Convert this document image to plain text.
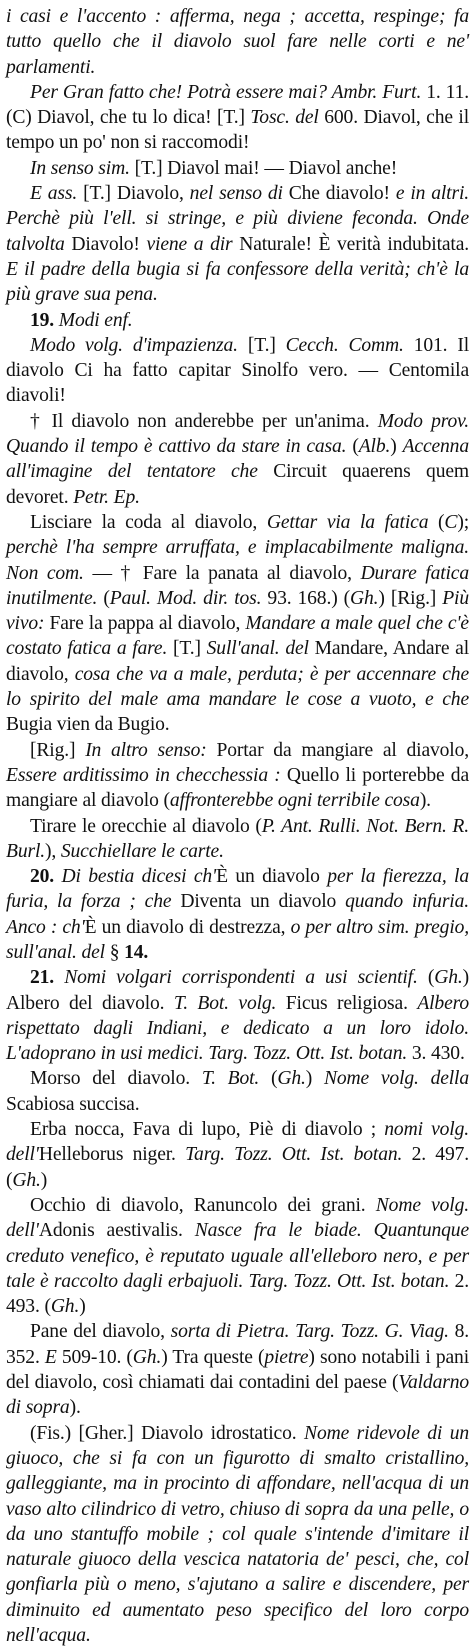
i casi e l'accento : afferma, nega ; accetta, respinge; fa tutto quello che il diavolo suol fare nelle corti e ne' parlamenti.

Per Gran fatto che! Potrà essere mai? Ambr. Furt. 1. 11. (C) Diavol, che tu lo dica! [T.] Tosc. del 600. Diavol, che il tempo un po' non si raccomodi!

In senso sim. [T.] Diavol mai! — Diavol anche!

E ass. [T.] Diavolo, nel senso di Che diavolo! e in altri. Perchè più l'ell. si stringe, e più diviene feconda. Onde talvolta Diavolo! viene a dir Naturale! È verità indubitata. E il padre della bugia si fa confessore della verità; ch'è la più grave sua pena.

19. Modi enf.

Modo volg. d'impazienza. [T.] Cecch. Comm. 101. Il diavolo Ci ha fatto capitar Sinolfo vero. — Centomila diavoli!

† Il diavolo non anderebbe per un'anima. Modo prov. Quando il tempo è cattivo da stare in casa. (Alb.) Accenna all'imagine del tentatore che Circuit quaerens quem devoret. Petr. Ep.

Lisciare la coda al diavolo, Gettar via la fatica (C); perchè l'ha sempre arruffata, e implacabilmente maligna. Non com. — † Fare la panata al diavolo, Durare fatica inutilmente. (Paul. Mod. dir. tos. 93. 168.) (Gh.) [Rig.] Più vivo: Fare la pappa al diavolo, Mandare a male quel che c'è costato fatica a fare. [T.] Sull'anal. del Mandare, Andare al diavolo, cosa che va a male, perduta; è per accennare che lo spirito del male ama mandare le cose a vuoto, e che Bugia vien da Bugio.

[Rig.] In altro senso: Portar da mangiare al diavolo, Essere arditissimo in checchessia : Quello li porterebbe da mangiare al diavolo (affronterebbe ogni terribile cosa).

Tirare le orecchie al diavolo (P. Ant. Rulli. Not. Bern. R. Burl.), Succhiellare le carte.

20. Di bestia dicesi ch'È un diavolo per la fierezza, la furia, la forza ; che Diventa un diavolo quando infuria. Anco : ch'È un diavolo di destrezza, o per altro sim. pregio, sull'anal. del § 14.

21. Nomi volgari corrispondenti a usi scientif. (Gh.) Albero del diavolo. T. Bot. volg. Ficus religiosa. Albero rispettato dagli Indiani, e dedicato a un loro idolo. L'adoprano in usi medici. Targ. Tozz. Ott. Ist. botan. 3. 430.

Morso del diavolo. T. Bot. (Gh.) Nome volg. della Scabiosa succisa.

Erba nocca, Fava di lupo, Piè di diavolo ; nomi volg. dell'Helleborus niger. Targ. Tozz. Ott. Ist. botan. 2. 497. (Gh.)

Occhio di diavolo, Ranuncolo dei grani. Nome volg. dell'Adonis aestivalis. Nasce fra le biade. Quantunque creduto venefico, è reputato uguale all'elleboro nero, e per tale è raccolto dagli erbajuoli. Targ. Tozz. Ott. Ist. botan. 2. 493. (Gh.)

Pane del diavolo, sorta di Pietra. Targ. Tozz. G. Viag. 8. 352. E 509-10. (Gh.) Tra queste (pietre) sono notabili i pani del diavolo, così chiamati dai contadini del paese (Valdarno di sopra).

(Fis.) [Gher.] Diavolo idrostatico. Nome ridevole di un giuoco, che si fa con un figurotto di smalto cristallino, galleggiante, ma in procinto di affondare, nell'acqua di un vaso alto cilindrico di vetro, chiuso di sopra da una pelle, o da uno stantuffo mobile ; col quale s'intende d'imitare il naturale giuoco della vescica natatoria de' pesci, che, col gonfiarla più o meno, s'ajutano a salire e discendere, per diminuito ed aumentato peso specifico del loro corpo nell'acqua.
